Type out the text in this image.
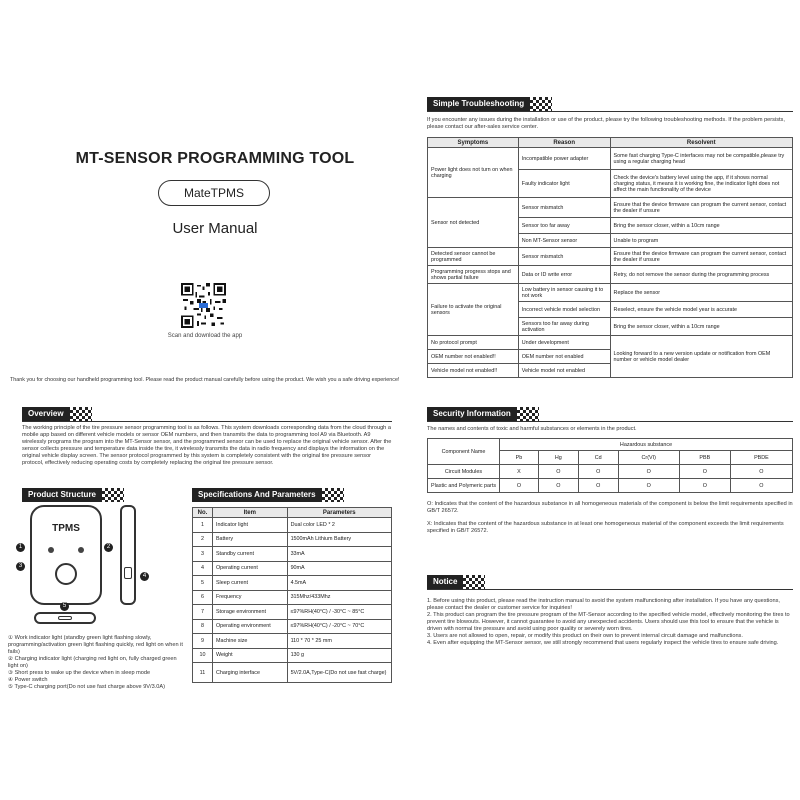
MT-SENSOR PROGRAMMING TOOL
MateTPMS
User Manual
Scan and download the app
Thank you for choosing our handheld programming tool. Please read the product manual carefully before using the product. We wish you a safe driving experience!
Simple Troubleshooting
If you encounter any issues during the installation or use of the product, please try the following troubleshooting methods. If the problem persists, please contact our after-sales service center.
Symptoms	Reason	Resolvent
Power light does not turn on when charging	Incompatible power adapter	Some fast charging Type-C interfaces may not be compatible,please try using a regular charging head
	Faulty indicator light	Check the device's battery level using the app, if it shows normal charging status, it means it is working fine, the indicator light does not affect the main functionality of the device
Sensor not detected	Sensor mismatch	Ensure that the device firmware can program the current sensor, contact the dealer if unsure
	Sensor too far away	Bring the sensor closer, within a 10cm range
	Non MT-Sensor sensor	Unable to program
Detected sensor cannot be programmed	Sensor mismatch	Ensure that the device firmware can program the current sensor, contact the dealer if unsure
Programming progress stops and shows partial failure	Data or ID write error	Retry, do not remove the sensor during the programming process
Failure to activate the original sensors	Low battery in sensor causing it to not work	Replace the sensor
	Incorrect vehicle model selection	Reselect, ensure the vehicle model year is accurate
	Sensors too far away during activation	Bring the sensor closer, within a 10cm range
No protocol prompt	Under development	Looking forward to a new version update or notification from OEM number or vehicle model dealer
OEM number not enabled!!	OEM number not enabled	
Vehicle model not enabled!!	Vehicle model not enabled	
Overview
The working principle of the tire pressure sensor programming tool is as follows. This system downloads corresponding data from the cloud through a mobile app based on different vehicle models or sensor OEM numbers, and then transmits the data to programming tool A9 via Bluetooth. A9 wirelessly programs the program into the MT-Sensor sensor, and the programmed sensor can be used to replace the original vehicle sensor. After the sensor collects pressure and temperature data inside the tire, it wirelessly transmits the data in radio frequency and displays the information on the original vehicle display screen. The sensor protocol programmed by this system is completely consistent with the original tire pressure sensor protocol, effectively reducing operating costs by completely replacing the original tire pressure sensor.
Product Structure
TPMS
1	2
3
4
5
① Work indicator light (standby green light flashing slowly, programming/activation green light flashing quickly, red light on when it fails)
② Charging indicator light (charging red light on, fully charged green light on)
③ Short press to wake up the device when in sleep mode
④ Power switch
⑤ Type-C charging port(Do not use fast charge above 9V/3.0A)
Specifications And Parameters
No.	Item	Parameters
1	Indicator light	Dual color LED * 2
2	Battery	1500mAh Lithium Battery
3	Standby current	33mA
4	Operating current	90mA
5	Sleep current	4.5mA
6	Frequency	315Mhz/433Mhz
7	Storage environment	≤97%RH(40°C) / -30°C ~ 85°C
8	Operating environment	≤97%RH(40°C) / -20°C ~ 70°C
9	Machine size	110 * 70 * 25 mm
10	Weight	130 g
11	Charging interface	5V/2.0A,Type-C(Do not use fast charge)
Security Information
The names and contents of toxic and harmful substances or elements in the product.
Component Name	Hazardous substance					
	Pb	Hg	Cd	Cr(VI)	PBB	PBDE
Circuit Modules	X	O	O	O	O	O
Plastic and Polymeric parts	O	O	O	O	O	O
O: Indicates that the content of the hazardous substance in all homogeneous materials of the component is below the limit requirements specified in GB/T 26572.
X: Indicates that the content of the hazardous substance in at least one homogeneous material of the component exceeds the limit requirements specified in GB/T 26572.
Notice
1. Before using this product, please read the instruction manual to avoid the system malfunctioning after installation. If you have any questions, please contact the dealer or customer service for inquiries!
2. This product can program the tire pressure program of the MT-Sensor according to the specified vehicle model, effectively monitoring the tires to prevent tire blowouts. However, it cannot guarantee to avoid any unexpected accidents. Users should use this tool to ensure that the vehicle is driven with normal tire pressure and avoid using poor quality or severely worn tires.
3. Users are not allowed to open, repair, or modify this product on their own to prevent internal circuit damage and malfunctions.
4. Even after equipping the MT-Sensor sensor, we still strongly recommend that users regularly inspect the vehicle tires to ensure safe driving.
